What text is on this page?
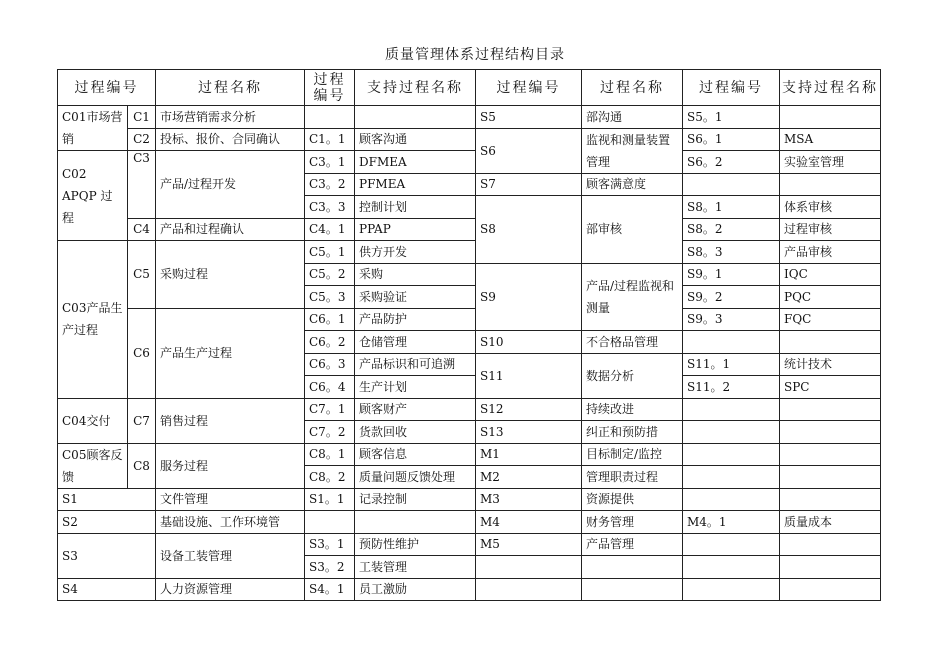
质量管理体系过程结构目录
过程编号		过程名称	过程编号	支持过程名称	过程编号	过程名称	过程编号	支持过程名称
C01市场营销	C1	市场营销需求分析			S5	部沟通	S5。1	
	C2	投标、报价、合同确认	C1。1	顾客沟通	S6	监视和测量装置管理	S6。1	MSA
C02 APQP 过程	C3	产品/过程开发	C3。1	DFMEA			S6。2	实验室管理
			C3。2	PFMEA	S7	顾客满意度		
			C3。3	控制计划	S8	部审核	S8。1	体系审核
	C4	产品和过程确认	C4。1	PPAP			S8。2	过程审核
C03产品生产过程	C5	采购过程	C5。1	供方开发			S8。3	产品审核
			C5。2	采购	S9	产品/过程监视和测量	S9。1	IQC
			C5。3	采购验证			S9。2	PQC
	C6	产品生产过程	C6。1	产品防护			S9。3	FQC
			C6。2	仓储管理	S10	不合格品管理		
			C6。3	产品标识和可追溯	S11	数据分析	S11。1	统计技术
			C6。4	生产计划			S11。2	SPC
C04交付	C7	销售过程	C7。1	顾客财产	S12	持续改进		
			C7。2	货款回收	S13	纠正和预防措		
C05顾客反馈	C8	服务过程	C8。1	顾客信息	M1	目标制定/监控		
			C8。2	质量问题反馈处理	M2	管理职责过程		
S1		文件管理	S1。1	记录控制	M3	资源提供		
S2		基础设施、工作环境管			M4	财务管理	M4。1	质量成本
S3		设备工装管理	S3。1	预防性维护	M5	产品管理		
			S3。2	工装管理				
S4		人力资源管理	S4。1	员工激励				
